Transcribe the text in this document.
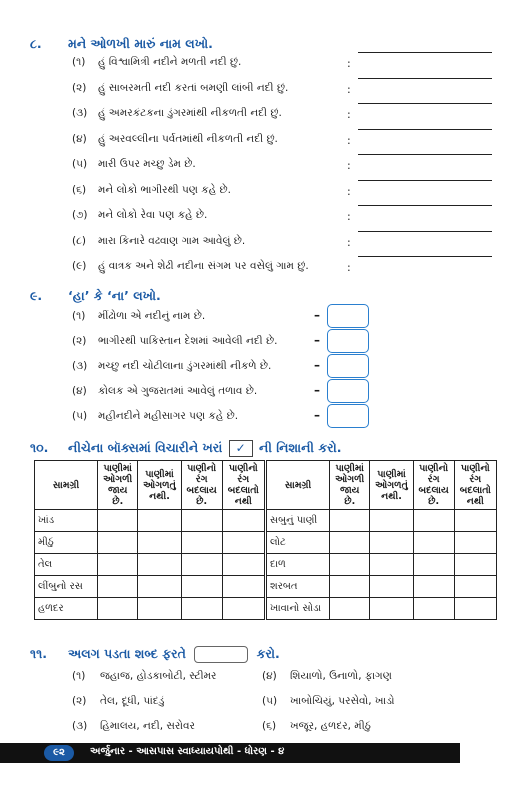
૮. મને ઓળખી મારું નામ લખો.
(૧) હું વિશ્વામિત્રી નદીને મળતી નદી છું.	:
(૨) હું સાબરમતી નદી કરતાં બમણી લાંબી નદી છું.	:
(૩) હું અમરકંટકના ડુંગરમાંથી નીકળતી નદી છું.	:
(૪) હું અરવલ્લીના પર્વતમાંથી નીકળતી નદી છું.	:
(૫) મારી ઉપર મચ્છુ ડેમ છે.	:
(૬) મને લોકો ભાગીરથી પણ કહે છે.	:
(૭) મને લોકો રેવા પણ કહે છે.	:
(૮) મારા કિનારે વઢવાણ ગામ આવેલું છે.	:
(૯) હું વાત્રક અને શેઢી નદીના સંગમ પર વસેલું ગામ છું.	:
૯. ‘હા’ કે ‘ના’ લખો.
(૧) મીંઢોળા એ નદીનું નામ છે.	–
(૨) ભાગીરથી પાકિસ્તાન દેશમાં આવેલી નદી છે.	–
(૩) મચ્છુ નદી ચોટીલાના ડુંગરમાંથી નીકળે છે.	–
(૪) કોલક એ ગુજરાતમાં આવેલું તળાવ છે.	–
(૫) મહીનદીને મહીસાગર પણ કહે છે.	–
૧૦. નીચેના બૉક્સમાં વિચારીને ખરાં ✓ ની નિશાની કરો.
સામગ્રી	પાણીમાં ઓગળી જાય છે.	પાણીમાં ઓગળતું નથી.	પાણીનો રંગ બદલાય છે.	પાણીનો રંગ બદલાતો નથી
ખાંડ				
મીઠું				
તેલ				
લીંબુનો રસ				
હળદર				
સામગ્રી	પાણીમાં ઓગળી જાય છે.	પાણીમાં ઓગળતું નથી.	પાણીનો રંગ બદલાય છે.	પાણીનો રંગ બદલાતો નથી
સબુનું પાણી				
લોટ				
દાળ				
શરબત				
ખાવાનો સોડા				
૧૧. અલગ પડતા શબ્દ ફરતે	કરો.
(૧) જહાજ, હોડકાબોટી, સ્ટીમર	(૪) શિયાળો, ઉનાળો, ફાગણ
(૨) તેલ, દૂધી, પાંદડું	(૫) ખાબોચિયું, પરસેવો, ખાડો
(૩) હિમાલય, નદી, સરોવર	(૬) ખજૂર, હળદર, મીઠું
૯૨	અર્જુનાર - આસપાસ સ્વાધ્યાયપોથી - ધોરણ - ૪
